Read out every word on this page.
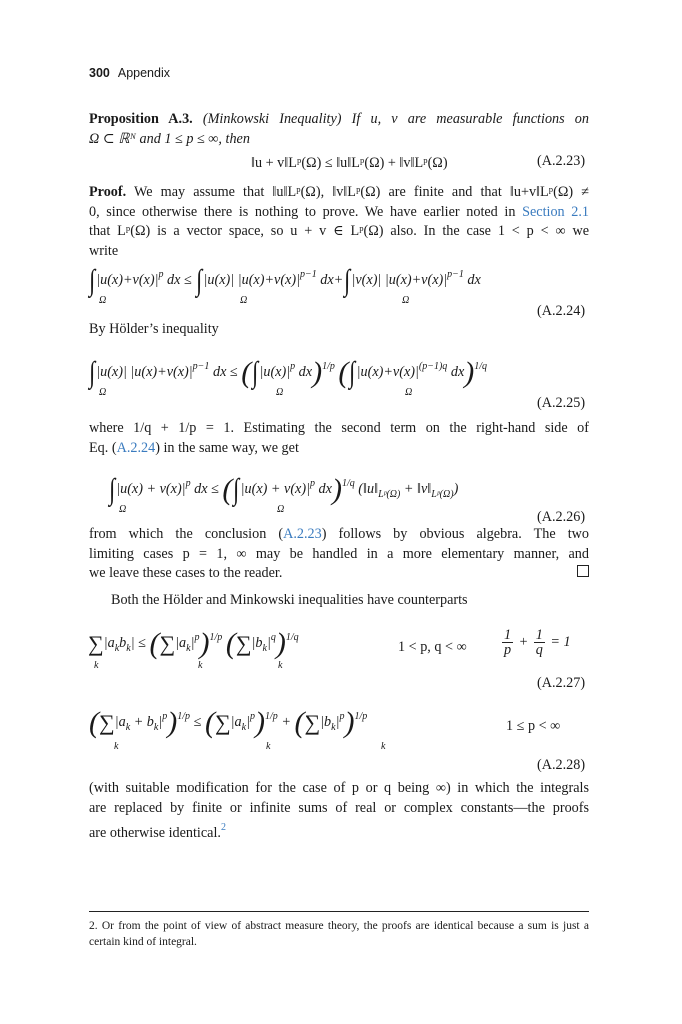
300 Appendix
Proposition A.3. (Minkowski Inequality) If u, v are measurable functions on
Ω ⊂ ℝᴺ and 1 ≤ p ≤ ∞, then
‖u + v‖Lᵖ(Ω) ≤ ‖u‖Lᵖ(Ω) + ‖v‖Lᵖ(Ω)	(A.2.23)
Proof. We may assume that ‖u‖Lᵖ(Ω), ‖v‖Lᵖ(Ω) are finite and that ‖u+v‖Lᵖ(Ω) ≠
0, since otherwise there is nothing to prove. We have earlier noted in Section 2.1
that Lᵖ(Ω) is a vector space, so u + v ∈ Lᵖ(Ω) also. In the case 1 < p < ∞ we
write
$\int|u(x)+v(x)|^p$ dx ≤ ∫|u(x)| $|u(x)+v(x)|^{p-1}$ dx+∫|v(x)| $|u(x)+v(x)|^{p-1}$ dx
Ω	Ω	Ω
(A.2.24)
By Hölder’s inequality
∫|u(x)| $|u(x)+v(x)|^{p-1}$ dx ≤ ($\int|u(x)|^p$ dx)$^{1/p}$ ($\int|u(x)+v(x)|^{(p-1)q}$ dx)$^{1/q}$
Ω	Ω	Ω
(A.2.25)
where 1/q + 1/p = 1. Estimating the second term on the right-hand side of
Eq. (A.2.24) in the same way, we get
$\int|u(x) + v(x)|^p$ dx ≤ ($\int|u(x) + v(x)|^p$ dx)$^{1/q}$ ($‖u‖_{Lᵖ(\Omega)}$ + $‖v‖_{Lᵖ(\Omega)}$)
Ω	Ω	(A.2.26)
from which the conclusion (A.2.23) follows by obvious algebra. The two
limiting cases p = 1, ∞ may be handled in a more elementary manner, and
we leave these cases to the reader.
Both the Hölder and Minkowski inequalities have counterparts
$\sum|a_kb_k| \le (\sum|a_k|^p)^{1/p}$ $(\sum|b_k|^q)^{1/q}$
k	k	k
1 < p, q < ∞ $\frac{1}{p} + \frac{1}{q} = 1$
(A.2.27)
$(\sum|a_k + b_k|^p)^{1/p} \le (\sum|a_k|^p)^{1/p} + (\sum|b_k|^p)^{1/p}$
k	k	k
1 ≤ p < ∞
(A.2.28)
(with suitable modification for the case of p or q being ∞) in which the integrals
are replaced by finite or infinite sums of real or complex constants—the proofs
are otherwise identical.$^2$
2. Or from the point of view of abstract measure theory, the proofs are identical because a sum is just a certain kind of integral.
